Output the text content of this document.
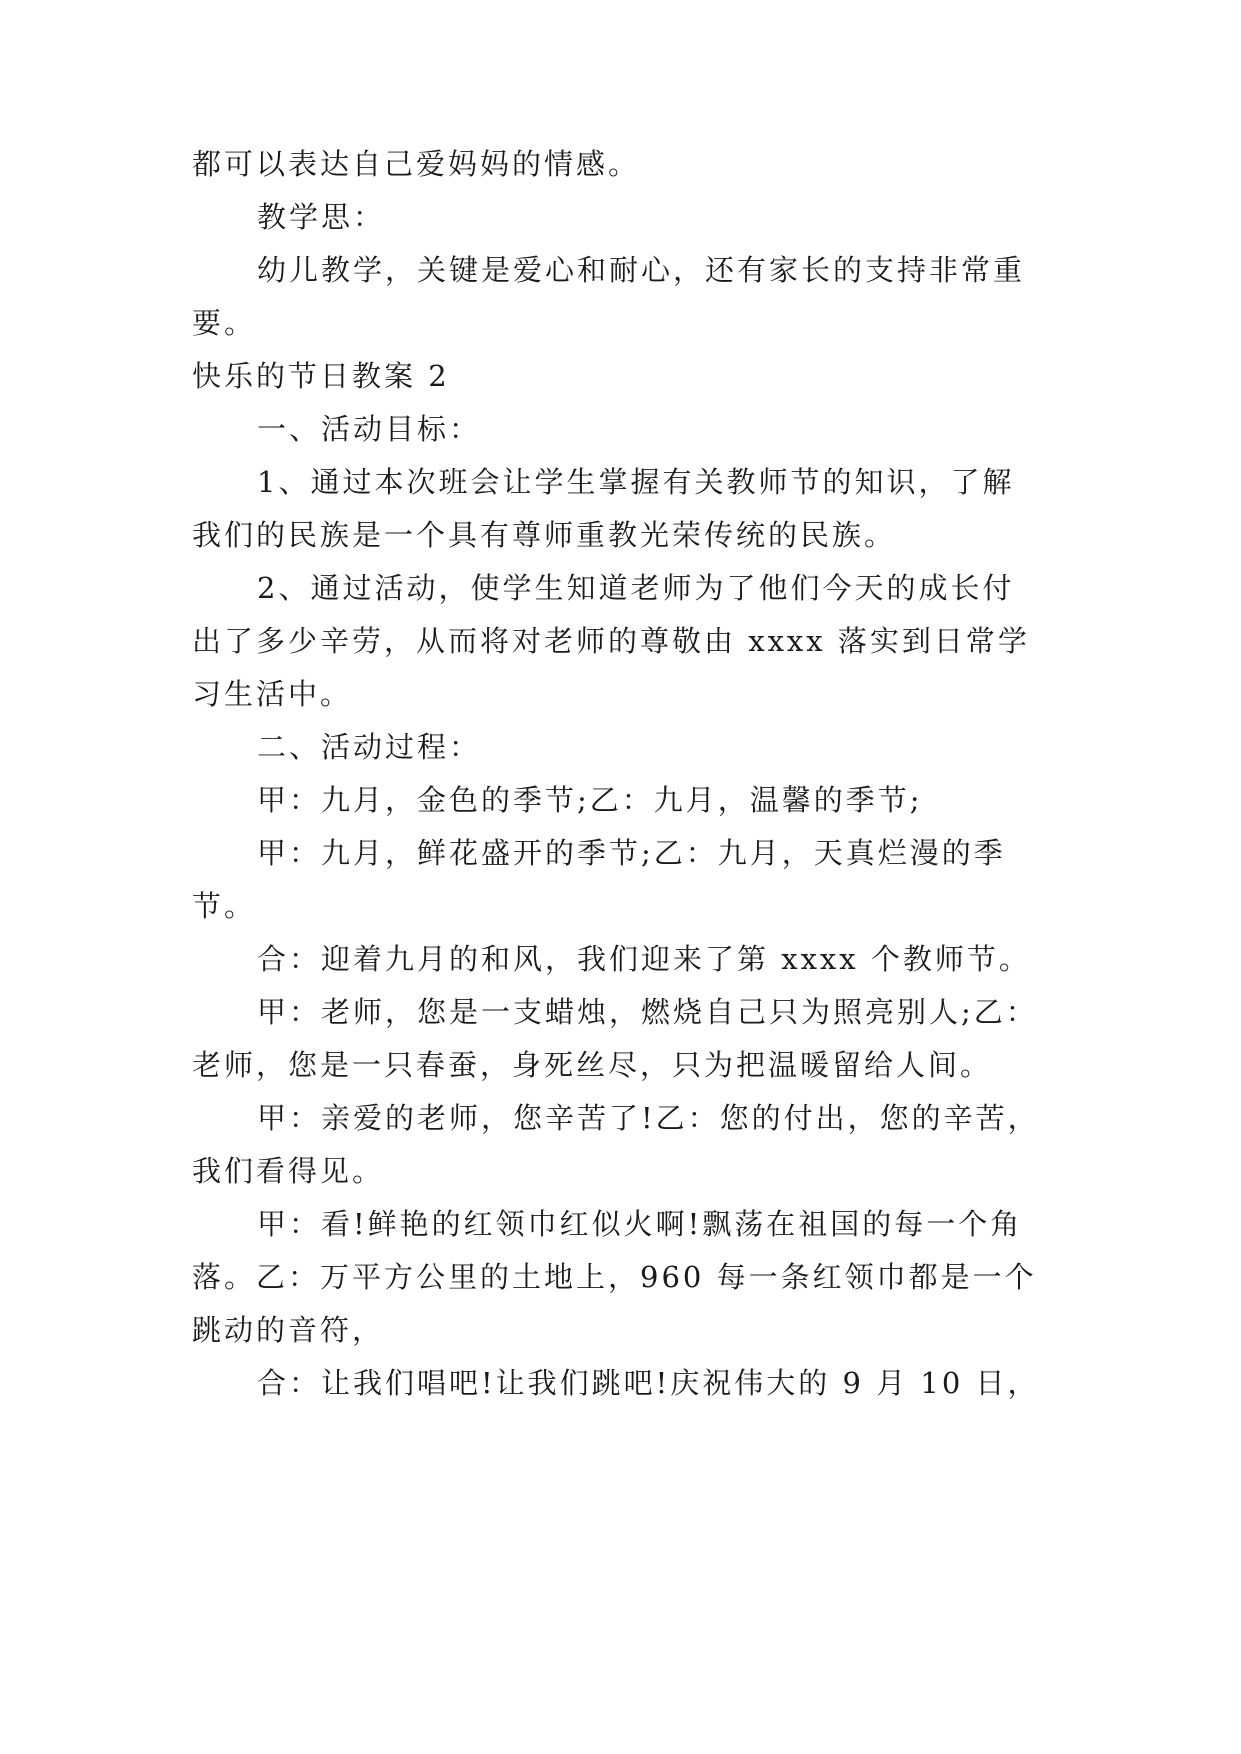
都可以表达自己爱妈妈的情感。
教学思：
幼儿教学，关键是爱心和耐心，还有家长的支持非常重
要。
快乐的节日教案 2
一、活动目标：
1、通过本次班会让学生掌握有关教师节的知识，了解
我们的民族是一个具有尊师重教光荣传统的民族。
2、通过活动，使学生知道老师为了他们今天的成长付
出了多少辛劳，从而将对老师的尊敬由 xxxx 落实到日常学
习生活中。
二、活动过程：
甲：九月，金色的季节;乙：九月，温馨的季节;
甲：九月，鲜花盛开的季节;乙：九月，天真烂漫的季
节。
合：迎着九月的和风，我们迎来了第 xxxx 个教师节。
甲：老师，您是一支蜡烛，燃烧自己只为照亮别人;乙：
老师，您是一只春蚕，身死丝尽，只为把温暖留给人间。
甲：亲爱的老师，您辛苦了!乙：您的付出，您的辛苦，
我们看得见。
甲：看!鲜艳的红领巾红似火啊!飘荡在祖国的每一个角
落。乙：万平方公里的土地上，960 每一条红领巾都是一个
跳动的音符，
合：让我们唱吧!让我们跳吧!庆祝伟大的 9 月 10 日，
